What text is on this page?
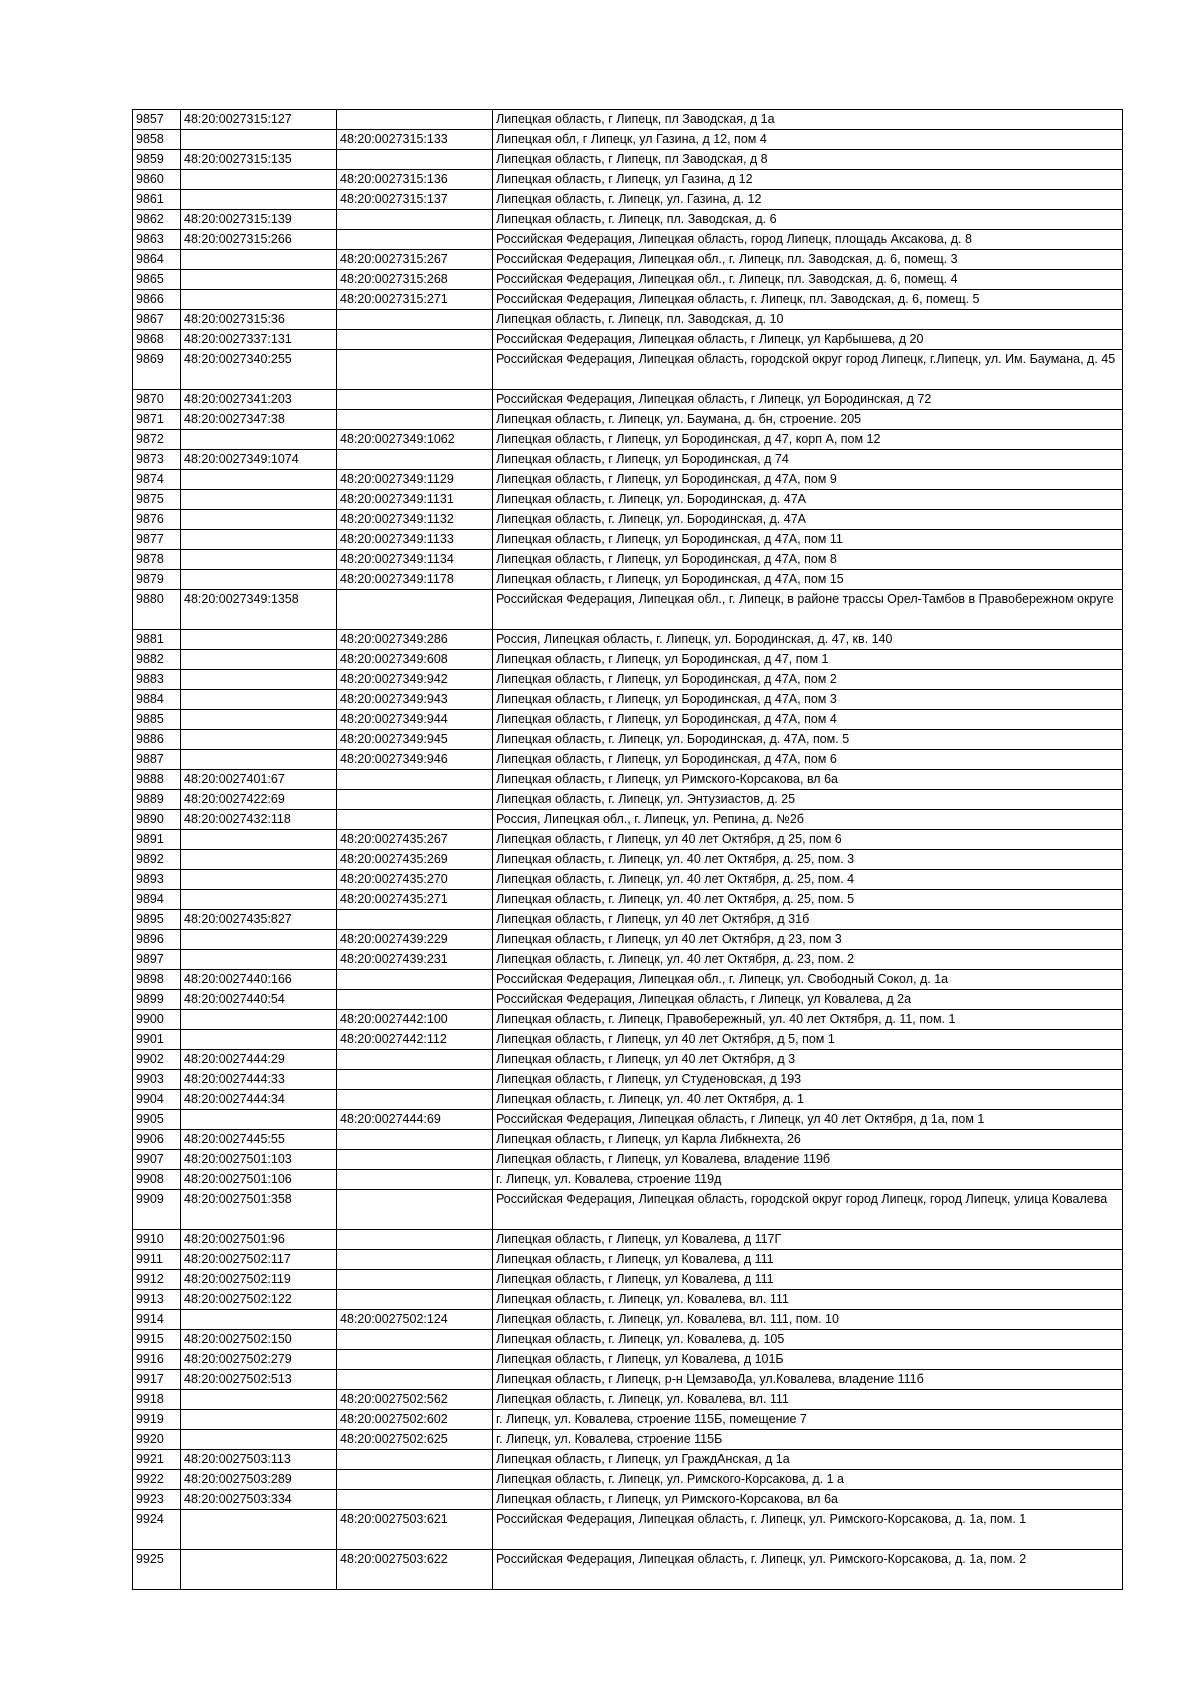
9857	48:20:0027315:127		Липецкая область, г Липецк, пл Заводская, д 1а
9858		48:20:0027315:133	Липецкая обл, г Липецк, ул Газина, д 12, пом 4
9859	48:20:0027315:135		Липецкая область, г Липецк, пл Заводская, д 8
9860		48:20:0027315:136	Липецкая область, г Липецк, ул Газина, д 12
9861		48:20:0027315:137	Липецкая область, г. Липецк, ул. Газина, д. 12
9862	48:20:0027315:139		Липецкая область, г. Липецк, пл. Заводская, д. 6
9863	48:20:0027315:266		Российская Федерация, Липецкая область, город Липецк, площадь Аксакова, д. 8
9864		48:20:0027315:267	Российская Федерация, Липецкая обл., г. Липецк, пл. Заводская, д. 6, помещ. 3
9865		48:20:0027315:268	Российская Федерация, Липецкая обл., г. Липецк, пл. Заводская, д. 6, помещ. 4
9866		48:20:0027315:271	Российская Федерация, Липецкая область, г. Липецк, пл. Заводская, д. 6, помещ. 5
9867	48:20:0027315:36		Липецкая область, г. Липецк, пл. Заводская, д. 10
9868	48:20:0027337:131		Российская Федерация, Липецкая область, г Липецк, ул Карбышева, д 20
9869	48:20:0027340:255		Российская Федерация, Липецкая область, городской округ город Липецк, г.Липецк, ул. Им. Баумана, д. 45
9870	48:20:0027341:203		Российская Федерация, Липецкая область, г Липецк, ул Бородинская, д 72
9871	48:20:0027347:38		Липецкая область, г. Липецк, ул. Баумана, д. бн, строение. 205
9872		48:20:0027349:1062	Липецкая область, г Липецк, ул Бородинская, д 47, корп А, пом 12
9873	48:20:0027349:1074		Липецкая область, г Липецк, ул Бородинская, д 74
9874		48:20:0027349:1129	Липецкая область, г Липецк, ул Бородинская, д 47А, пом 9
9875		48:20:0027349:1131	Липецкая область, г. Липецк, ул. Бородинская, д. 47А
9876		48:20:0027349:1132	Липецкая область, г. Липецк, ул. Бородинская, д. 47А
9877		48:20:0027349:1133	Липецкая область, г Липецк, ул Бородинская, д 47А, пом 11
9878		48:20:0027349:1134	Липецкая область, г Липецк, ул Бородинская, д 47А, пом 8
9879		48:20:0027349:1178	Липецкая область, г Липецк, ул Бородинская, д 47А, пом 15
9880	48:20:0027349:1358		Российская Федерация, Липецкая обл., г. Липецк, в районе трассы Орел-Тамбов в Правобережном округе
9881		48:20:0027349:286	Россия, Липецкая область, г. Липецк, ул. Бородинская, д. 47, кв. 140
9882		48:20:0027349:608	Липецкая область, г Липецк, ул Бородинская, д 47, пом 1
9883		48:20:0027349:942	Липецкая область, г Липецк, ул Бородинская, д 47А, пом 2
9884		48:20:0027349:943	Липецкая область, г Липецк, ул Бородинская, д 47А, пом 3
9885		48:20:0027349:944	Липецкая область, г Липецк, ул Бородинская, д 47А, пом 4
9886		48:20:0027349:945	Липецкая область, г. Липецк, ул. Бородинская, д. 47А, пом. 5
9887		48:20:0027349:946	Липецкая область, г Липецк, ул Бородинская, д 47А, пом 6
9888	48:20:0027401:67		Липецкая область, г Липецк, ул Римского-Корсакова, вл 6а
9889	48:20:0027422:69		Липецкая область, г. Липецк, ул. Энтузиастов, д. 25
9890	48:20:0027432:118		Россия, Липецкая обл., г. Липецк, ул. Репина, д. №2б
9891		48:20:0027435:267	Липецкая область, г Липецк, ул 40 лет Октября, д 25, пом 6
9892		48:20:0027435:269	Липецкая область, г. Липецк, ул. 40 лет Октября, д. 25, пом. 3
9893		48:20:0027435:270	Липецкая область, г. Липецк, ул. 40 лет Октября, д. 25, пом. 4
9894		48:20:0027435:271	Липецкая область, г. Липецк, ул. 40 лет Октября, д. 25, пом. 5
9895	48:20:0027435:827		Липецкая область, г Липецк, ул 40 лет Октября, д 31б
9896		48:20:0027439:229	Липецкая область, г Липецк, ул 40 лет Октября, д 23, пом 3
9897		48:20:0027439:231	Липецкая область, г. Липецк, ул. 40 лет Октября, д. 23, пом. 2
9898	48:20:0027440:166		Российская Федерация, Липецкая обл., г. Липецк, ул. Свободный Сокол, д. 1а
9899	48:20:0027440:54		Российская Федерация, Липецкая область, г Липецк, ул Ковалева, д 2а
9900		48:20:0027442:100	Липецкая область, г. Липецк, Правобережный, ул. 40 лет Октября, д. 11, пом. 1
9901		48:20:0027442:112	Липецкая область, г Липецк, ул 40 лет Октября, д 5, пом 1
9902	48:20:0027444:29		Липецкая область, г Липецк, ул 40 лет Октября, д 3
9903	48:20:0027444:33		Липецкая область, г Липецк, ул Студеновская, д 193
9904	48:20:0027444:34		Липецкая область, г. Липецк, ул. 40 лет Октября, д. 1
9905		48:20:0027444:69	Российская Федерация, Липецкая область, г Липецк, ул 40 лет Октября, д 1а, пом 1
9906	48:20:0027445:55		Липецкая область, г Липецк, ул Карла Либкнехта, 26
9907	48:20:0027501:103		Липецкая область, г Липецк, ул Ковалева, владение 119б
9908	48:20:0027501:106		г. Липецк, ул. Ковалева, строение 119д
9909	48:20:0027501:358		Российская Федерация, Липецкая область, городской округ город Липецк, город Липецк, улица Ковалева
9910	48:20:0027501:96		Липецкая область, г Липецк, ул Ковалева, д 117Г
9911	48:20:0027502:117		Липецкая область, г Липецк, ул Ковалева, д 111
9912	48:20:0027502:119		Липецкая область, г Липецк, ул Ковалева, д 111
9913	48:20:0027502:122		Липецкая область, г. Липецк, ул. Ковалева, вл. 111
9914		48:20:0027502:124	Липецкая область, г. Липецк, ул. Ковалева, вл. 111, пом. 10
9915	48:20:0027502:150		Липецкая область, г. Липецк, ул. Ковалева, д. 105
9916	48:20:0027502:279		Липецкая область, г Липецк, ул Ковалева, д 101Б
9917	48:20:0027502:513		Липецкая область, г Липецк, р-н ЦемзавоДа, ул.Ковалева, владение 111б
9918		48:20:0027502:562	Липецкая область, г. Липецк, ул. Ковалева, вл. 111
9919		48:20:0027502:602	г. Липецк, ул. Ковалева, строение 115Б, помещение 7
9920		48:20:0027502:625	г. Липецк, ул. Ковалева, строение 115Б
9921	48:20:0027503:113		Липецкая область, г Липецк, ул ГраждАнская, д 1а
9922	48:20:0027503:289		Липецкая область, г. Липецк, ул. Римского-Корсакова, д. 1 а
9923	48:20:0027503:334		Липецкая область, г Липецк, ул Римского-Корсакова, вл 6а
9924		48:20:0027503:621	Российская Федерация, Липецкая область, г. Липецк, ул. Римского-Корсакова, д. 1а, пом. 1
9925		48:20:0027503:622	Российская Федерация, Липецкая область, г. Липецк, ул. Римского-Корсакова, д. 1а, пом. 2
